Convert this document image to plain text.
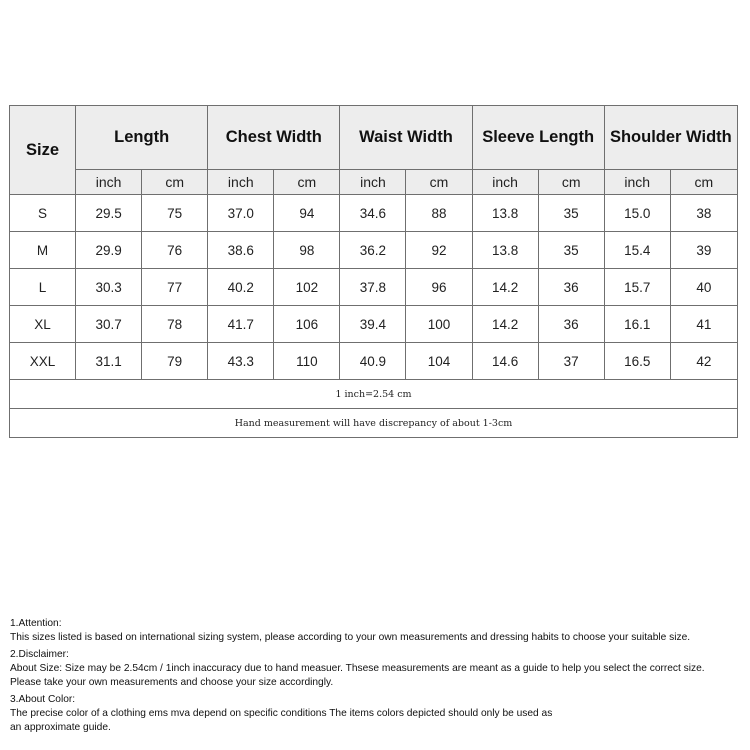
Size	Length		Chest Width		Waist Width		Sleeve Length		Shoulder Width	
	inch	cm	inch	cm	inch	cm	inch	cm	inch	cm
S	29.5	75	37.0	94	34.6	88	13.8	35	15.0	38
M	29.9	76	38.6	98	36.2	92	13.8	35	15.4	39
L	30.3	77	40.2	102	37.8	96	14.2	36	15.7	40
XL	30.7	78	41.7	106	39.4	100	14.2	36	16.1	41
XXL	31.1	79	43.3	110	40.9	104	14.6	37	16.5	42
1 inch=2.54 cm										
Hand measurement will have discrepancy of about 1-3cm										

1.Attention:

This sizes listed is based on international sizing system, please according to your own measurements and dressing habits to choose your suitable size.

2.Disclaimer:

About Size: Size may be 2.54cm / 1inch inaccuracy due to hand measuer. Thsese measurements are meant as a guide to help you select the correct size.

Please take your own measurements and choose your size accordingly.

3.About Color:

The precise color of a clothing ems mva depend on specific conditions The items colors depicted should only be used as

an approximate guide.
